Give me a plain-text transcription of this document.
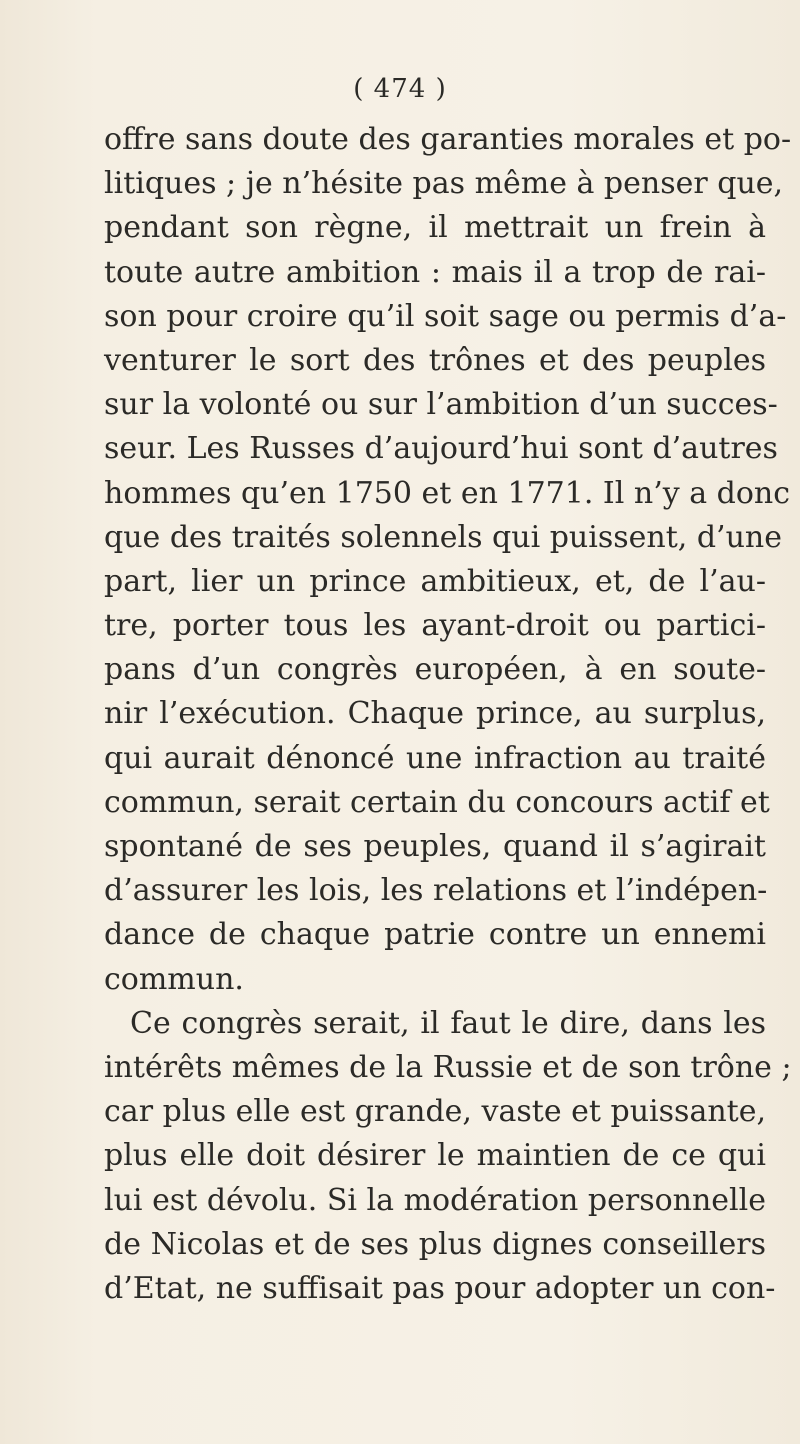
( 474 )
offre sans doute des garanties morales et po-
litiques ; je n’hésite pas même à penser que,
pendant son règne, il mettrait un frein à
toute autre ambition : mais il a trop de rai-
son pour croire qu’il soit sage ou permis d’a-
venturer le sort des trônes et des peuples
sur la volonté ou sur l’ambition d’un succes-
seur. Les Russes d’aujourd’hui sont d’autres
hommes qu’en 1750 et en 1771. Il n’y a donc
que des traités solennels qui puissent, d’une
part, lier un prince ambitieux, et, de l’au-
tre, porter tous les ayant-droit ou partici-
pans d’un congrès européen, à en soute-
nir l’exécution. Chaque prince, au surplus,
qui aurait dénoncé une infraction au traité
commun, serait certain du concours actif et
spontané de ses peuples, quand il s’agirait
d’assurer les lois, les relations et l’indépen-
dance de chaque patrie contre un ennemi
commun.
Ce congrès serait, il faut le dire, dans les
intérêts mêmes de la Russie et de son trône ;
car plus elle est grande, vaste et puissante,
plus elle doit désirer le maintien de ce qui
lui est dévolu. Si la modération personnelle
de Nicolas et de ses plus dignes conseillers
d’Etat, ne suffisait pas pour adopter un con-
